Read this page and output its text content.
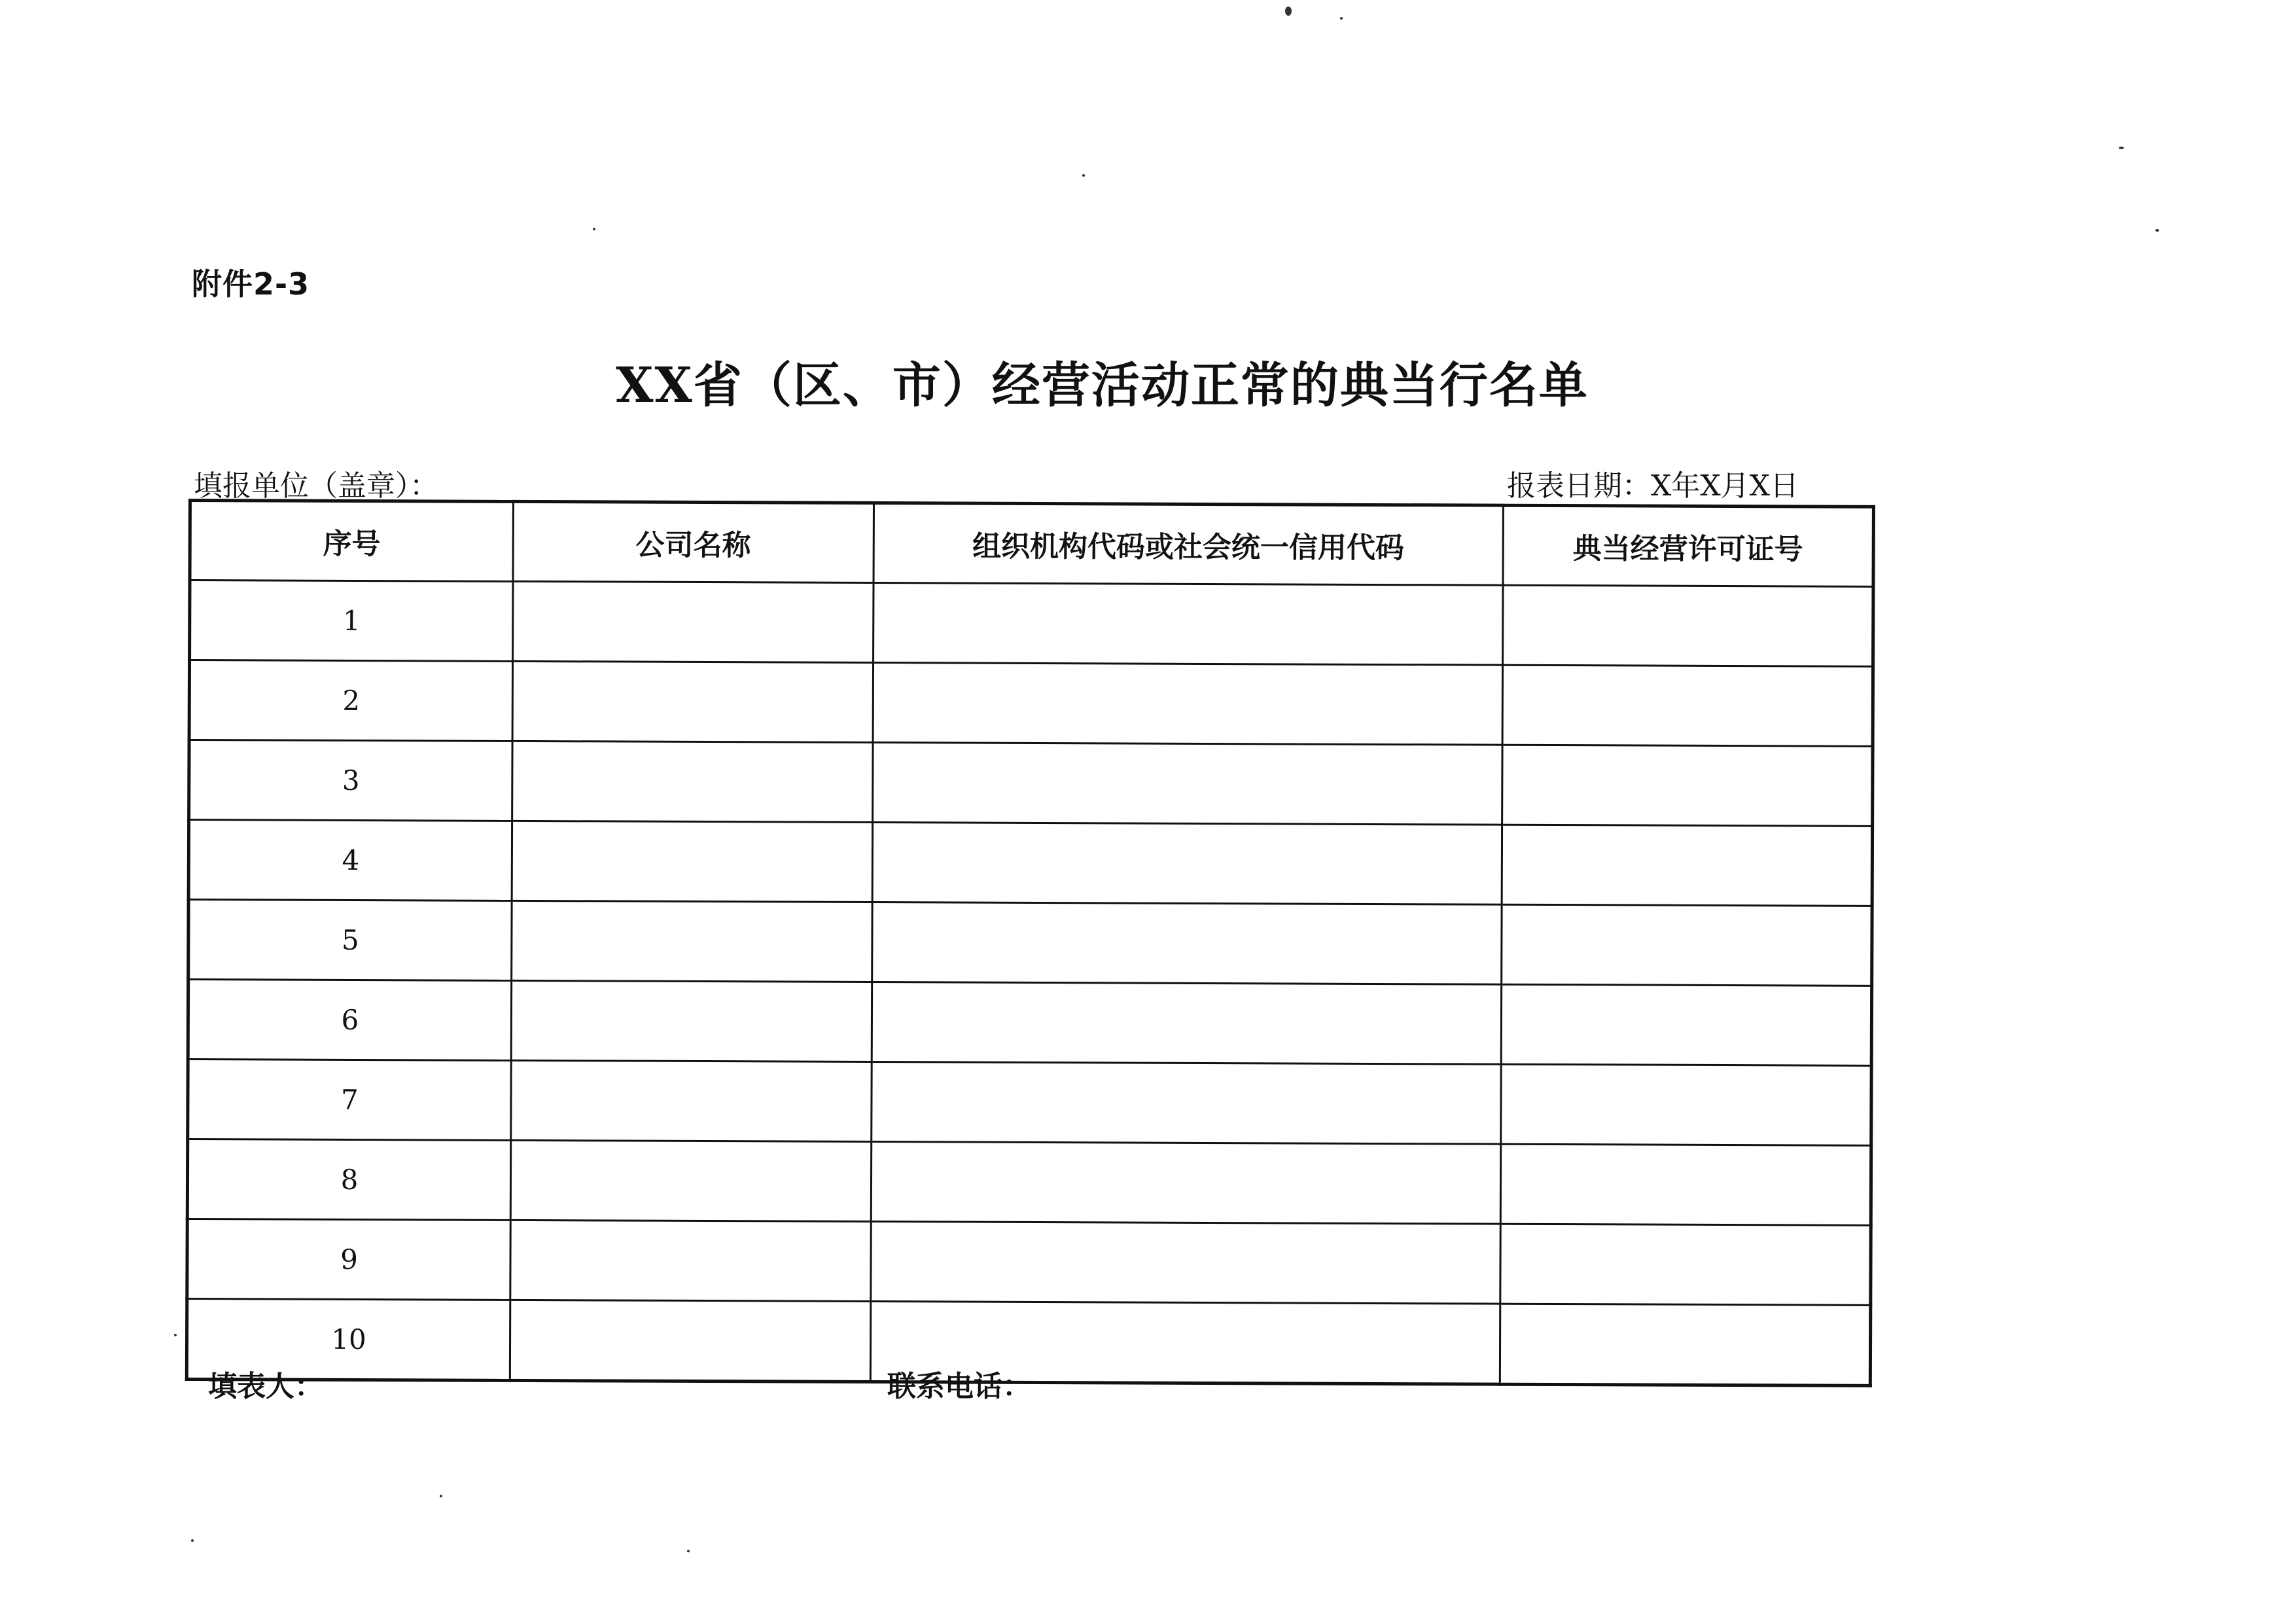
附件2-3
XX省（区、市）经营活动正常的典当行名单
填报单位（盖章）：	报表日期：X年X月X日
序号	公司名称	组织机构代码或社会统一信用代码	典当经营许可证号
1			
2			
3			
4			
5			
6			
7			
8			
9			
10			
填表人：	联系电话：
